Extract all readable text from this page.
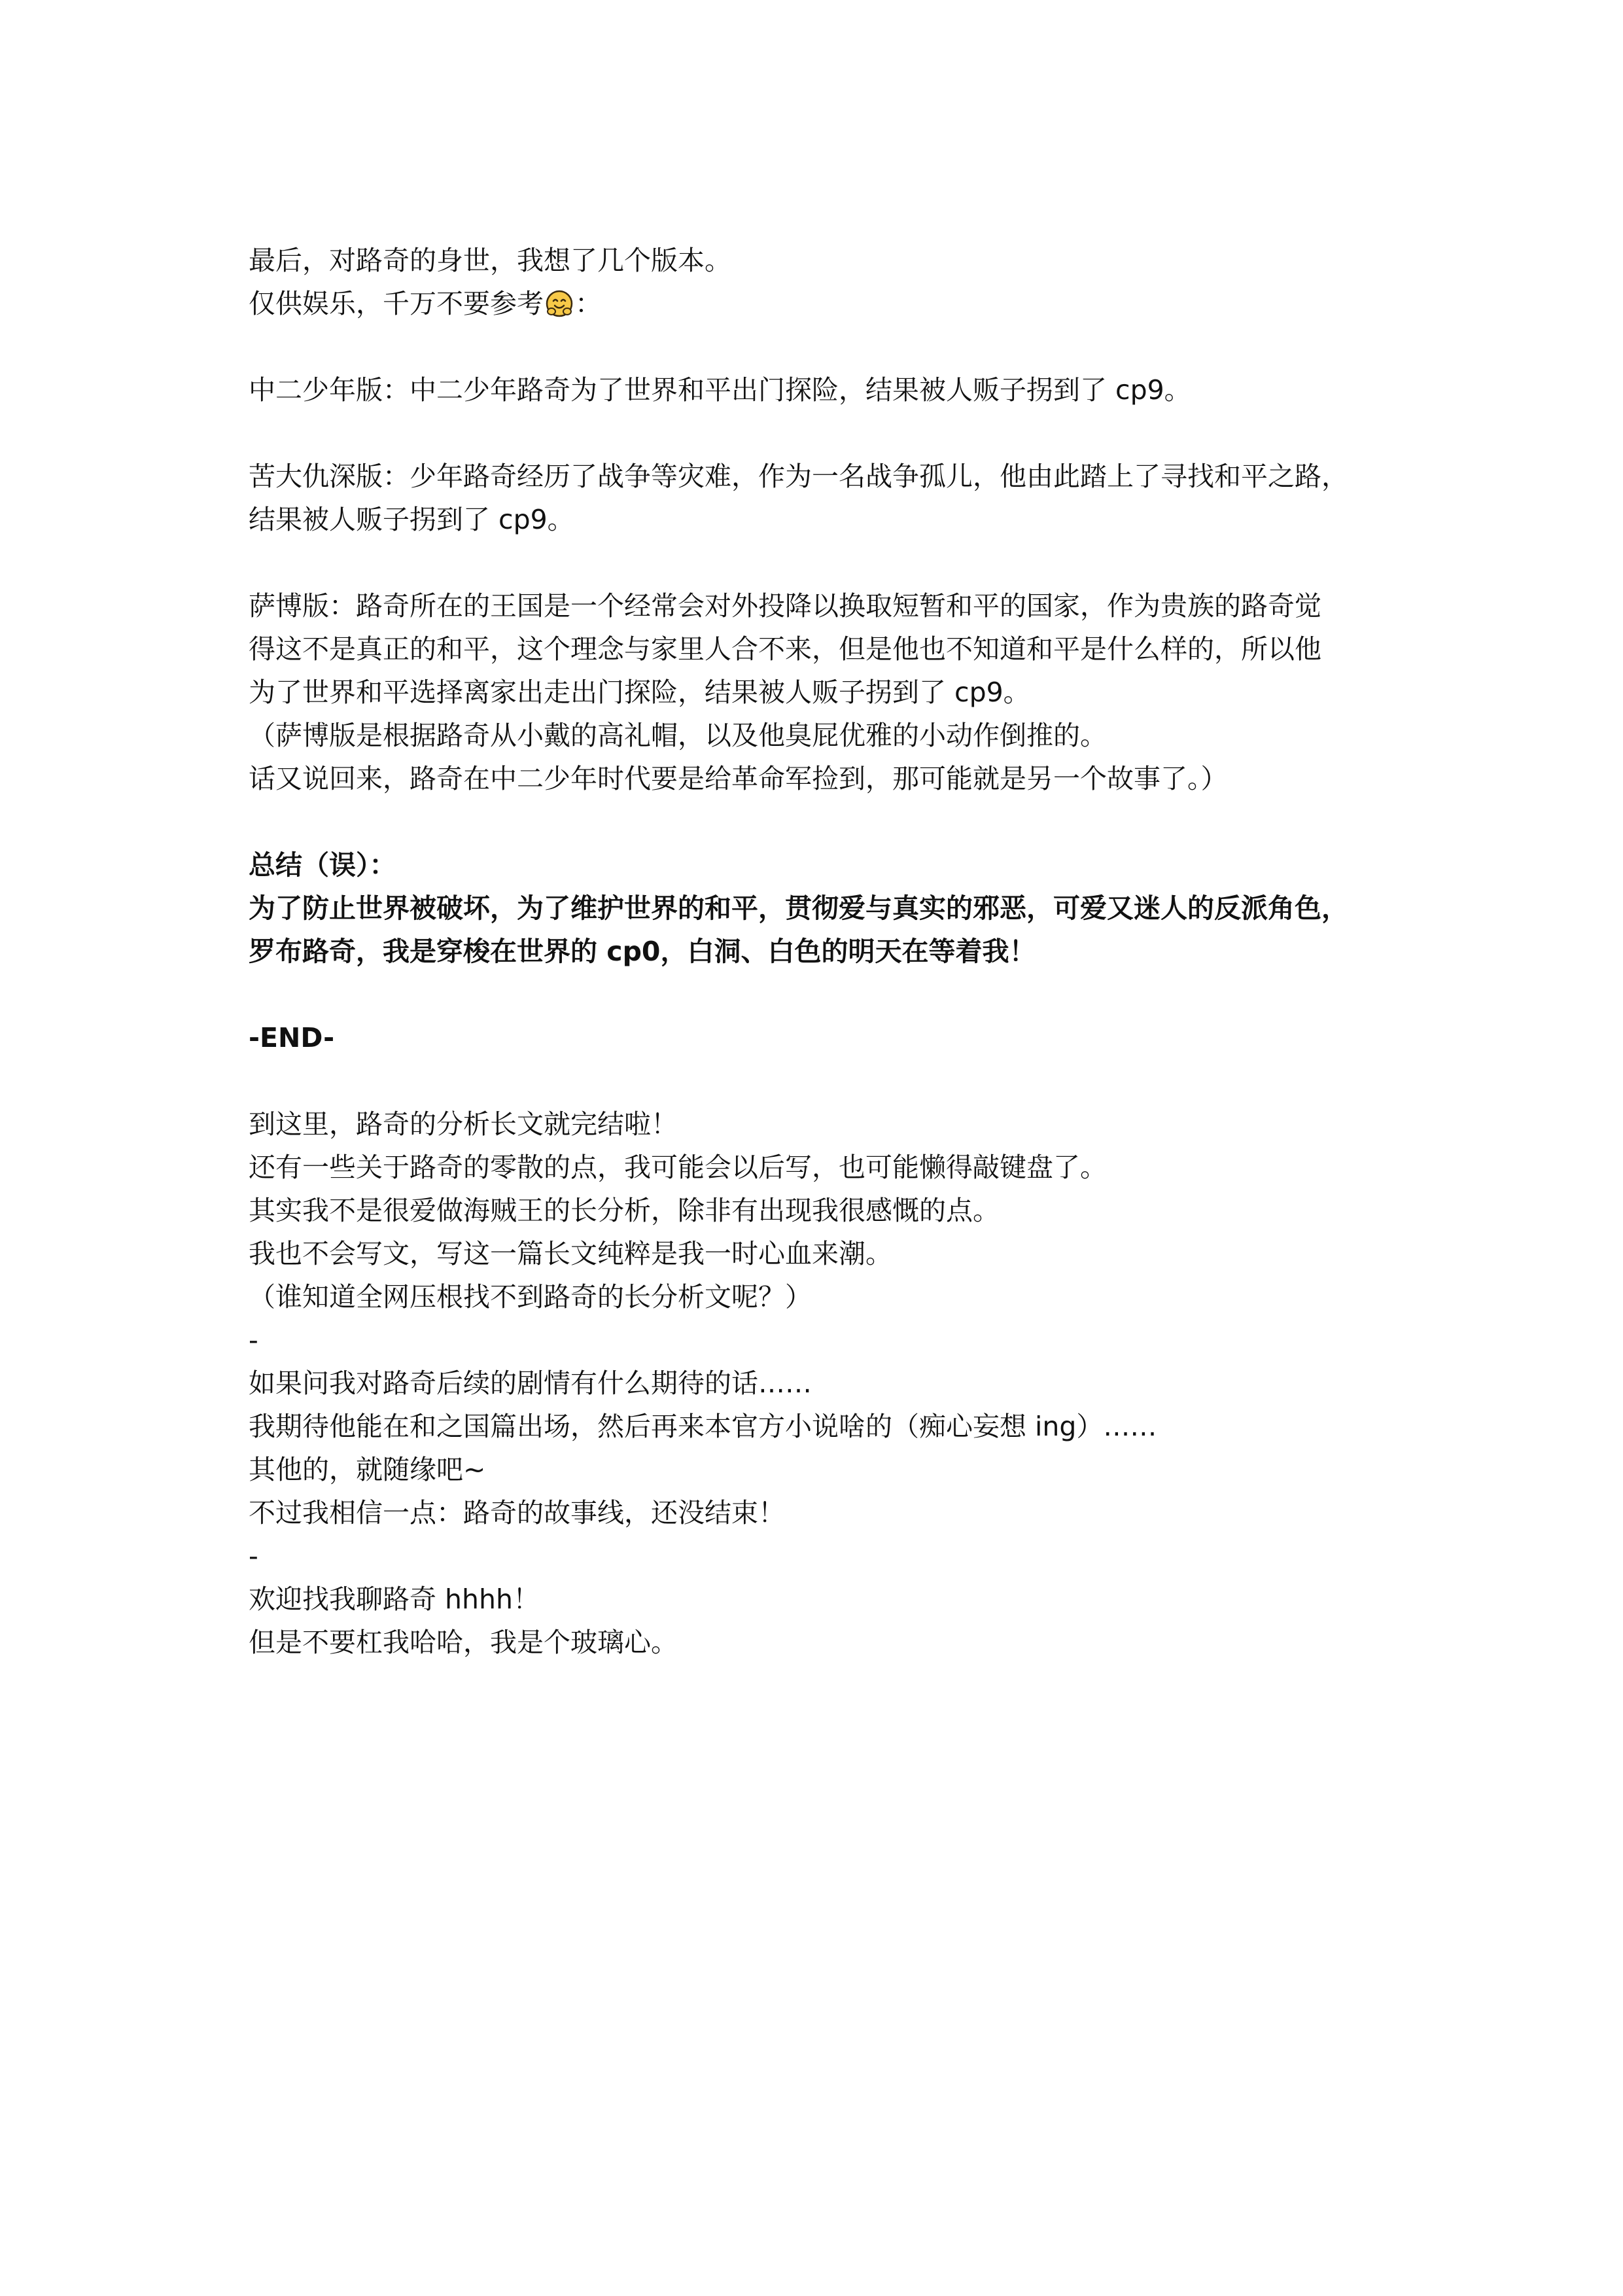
最后，对路奇的身世，我想了几个版本。
仅供娱乐，千万不要参考 ：
中二少年版：中二少年路奇为了世界和平出门探险，结果被人贩子拐到了 cp9。
苦大仇深版：少年路奇经历了战争等灾难，作为一名战争孤儿，他由此踏上了寻找和平之路，
结果被人贩子拐到了 cp9。
萨博版：路奇所在的王国是一个经常会对外投降以换取短暂和平的国家，作为贵族的路奇觉
得这不是真正的和平，这个理念与家里人合不来，但是他也不知道和平是什么样的，所以他
为了世界和平选择离家出走出门探险，结果被人贩子拐到了 cp9。
（萨博版是根据路奇从小戴的高礼帽，以及他臭屁优雅的小动作倒推的。
话又说回来，路奇在中二少年时代要是给革命军捡到，那可能就是另一个故事了。）
总结（误）：
为了防止世界被破坏，为了维护世界的和平，贯彻爱与真实的邪恶，可爱又迷人的反派角色，
罗布路奇，我是穿梭在世界的 cp0，白洞、白色的明天在等着我！
-END-
到这里，路奇的分析长文就完结啦！
还有一些关于路奇的零散的点，我可能会以后写，也可能懒得敲键盘了。
其实我不是很爱做海贼王的长分析，除非有出现我很感慨的点。
我也不会写文，写这一篇长文纯粹是我一时心血来潮。
（谁知道全网压根找不到路奇的长分析文呢？）
-
如果问我对路奇后续的剧情有什么期待的话……
我期待他能在和之国篇出场，然后再来本官方小说啥的（痴心妄想 ing）……
其他的，就随缘吧~
不过我相信一点：路奇的故事线，还没结束！
-
欢迎找我聊路奇 hhhh！
但是不要杠我哈哈，我是个玻璃心。
